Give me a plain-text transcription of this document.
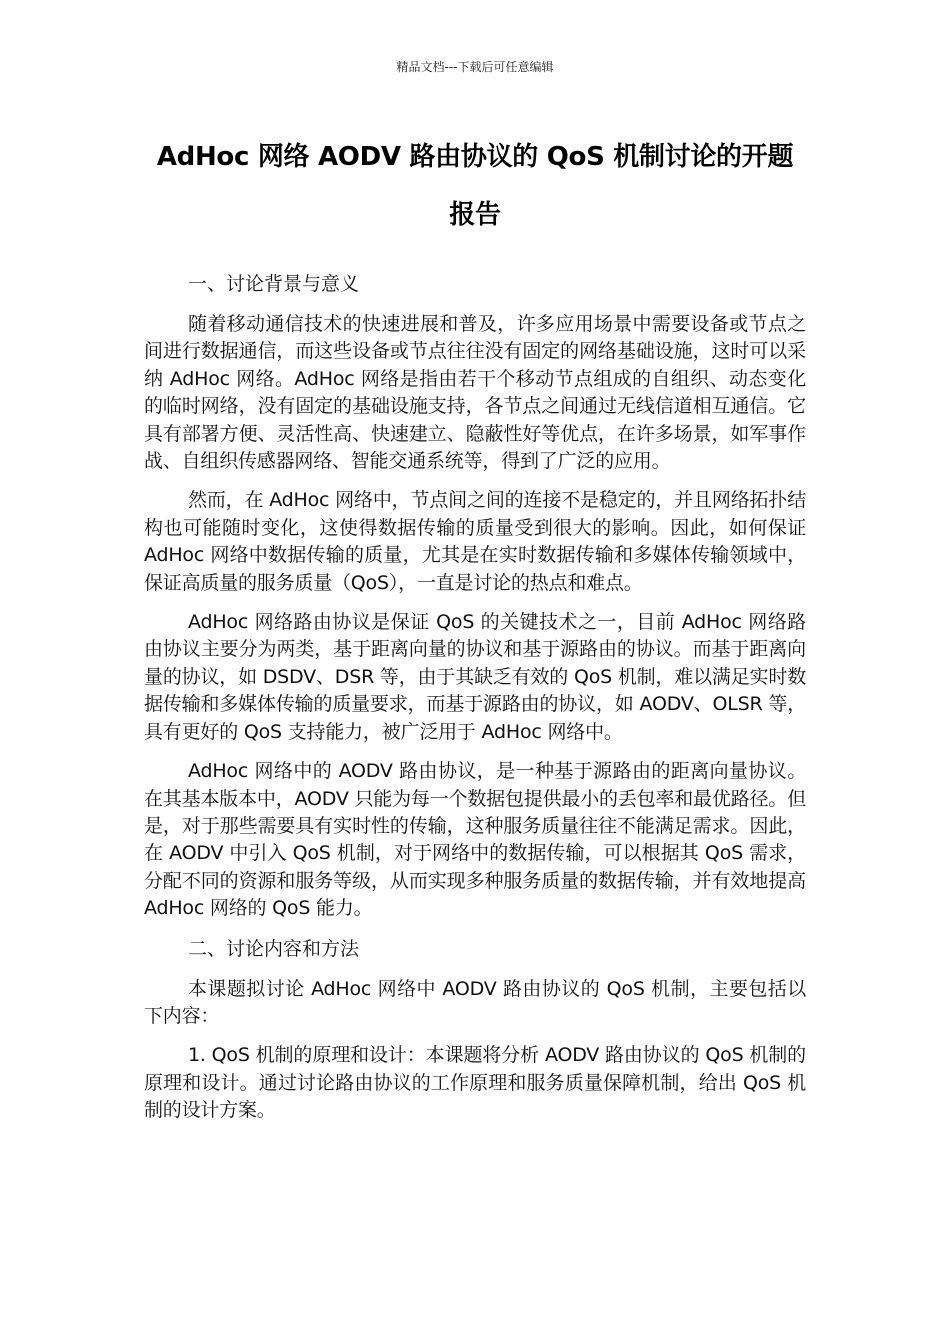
精品文档---下载后可任意编辑
AdHoc 网络 AODV 路由协议的 QoS 机制讨论的开题报告
一、讨论背景与意义

随着移动通信技术的快速进展和普及，许多应用场景中需要设备或节点之间进行数据通信，而这些设备或节点往往没有固定的网络基础设施，这时可以采纳 AdHoc 网络。AdHoc 网络是指由若干个移动节点组成的自组织、动态变化的临时网络，没有固定的基础设施支持，各节点之间通过无线信道相互通信。它具有部署方便、灵活性高、快速建立、隐蔽性好等优点，在许多场景，如军事作战、自组织传感器网络、智能交通系统等，得到了广泛的应用。

然而，在 AdHoc 网络中，节点间之间的连接不是稳定的，并且网络拓扑结构也可能随时变化，这使得数据传输的质量受到很大的影响。因此，如何保证 AdHoc 网络中数据传输的质量，尤其是在实时数据传输和多媒体传输领域中，保证高质量的服务质量（QoS），一直是讨论的热点和难点。

AdHoc 网络路由协议是保证 QoS 的关键技术之一，目前 AdHoc 网络路由协议主要分为两类，基于距离向量的协议和基于源路由的协议。而基于距离向量的协议，如 DSDV、DSR 等，由于其缺乏有效的 QoS 机制，难以满足实时数据传输和多媒体传输的质量要求，而基于源路由的协议，如 AODV、OLSR 等，具有更好的 QoS 支持能力，被广泛用于 AdHoc 网络中。

AdHoc 网络中的 AODV 路由协议，是一种基于源路由的距离向量协议。在其基本版本中，AODV 只能为每一个数据包提供最小的丢包率和最优路径。但是，对于那些需要具有实时性的传输，这种服务质量往往不能满足需求。因此，在 AODV 中引入 QoS 机制，对于网络中的数据传输，可以根据其 QoS 需求，分配不同的资源和服务等级，从而实现多种服务质量的数据传输，并有效地提高 AdHoc 网络的 QoS 能力。

二、讨论内容和方法

本课题拟讨论 AdHoc 网络中 AODV 路由协议的 QoS 机制，主要包括以下内容：

1. QoS 机制的原理和设计：本课题将分析 AODV 路由协议的 QoS 机制的原理和设计。通过讨论路由协议的工作原理和服务质量保障机制，给出 QoS 机制的设计方案。
